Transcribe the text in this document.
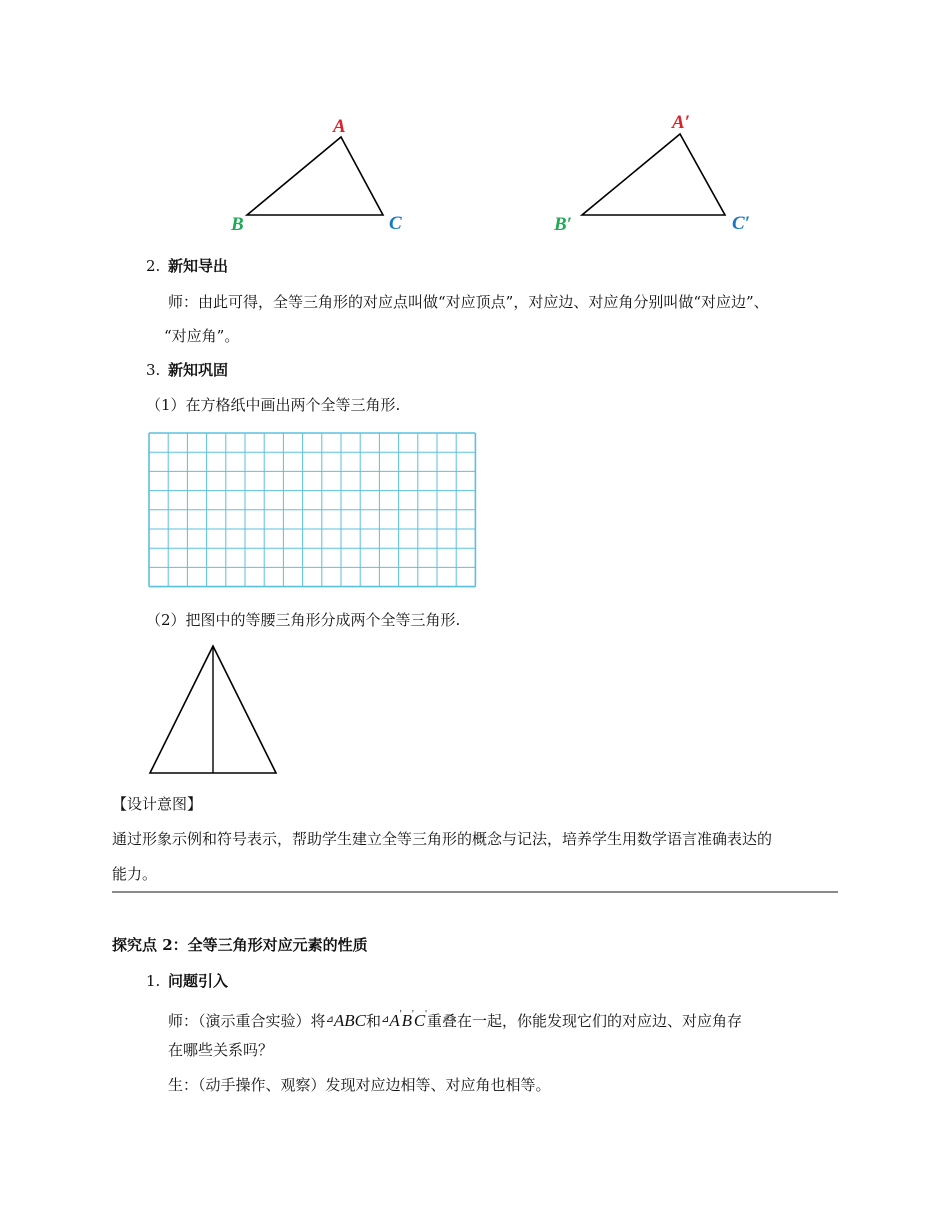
A
B	C
A′
B′	C′
2. 新知导出
师：由此可得，全等三角形的对应点叫做“对应顶点”，对应边、对应角分别叫做“对应边”、
“对应角”。
3. 新知巩固
（1）在方格纸中画出两个全等三角形.
（2）把图中的等腰三角形分成两个全等三角形.
【设计意图】
通过形象示例和符号表示，帮助学生建立全等三角形的概念与记法，培养学生用数学语言准确表达的
能力。
探究点 2：全等三角形对应元素的性质
1. 问题引入
师：（演示重合实验）将⊿ABC和⊿A'B'C'重叠在一起，你能发现它们的对应边、对应角存
在哪些关系吗？
生：（动手操作、观察）发现对应边相等、对应角也相等。
